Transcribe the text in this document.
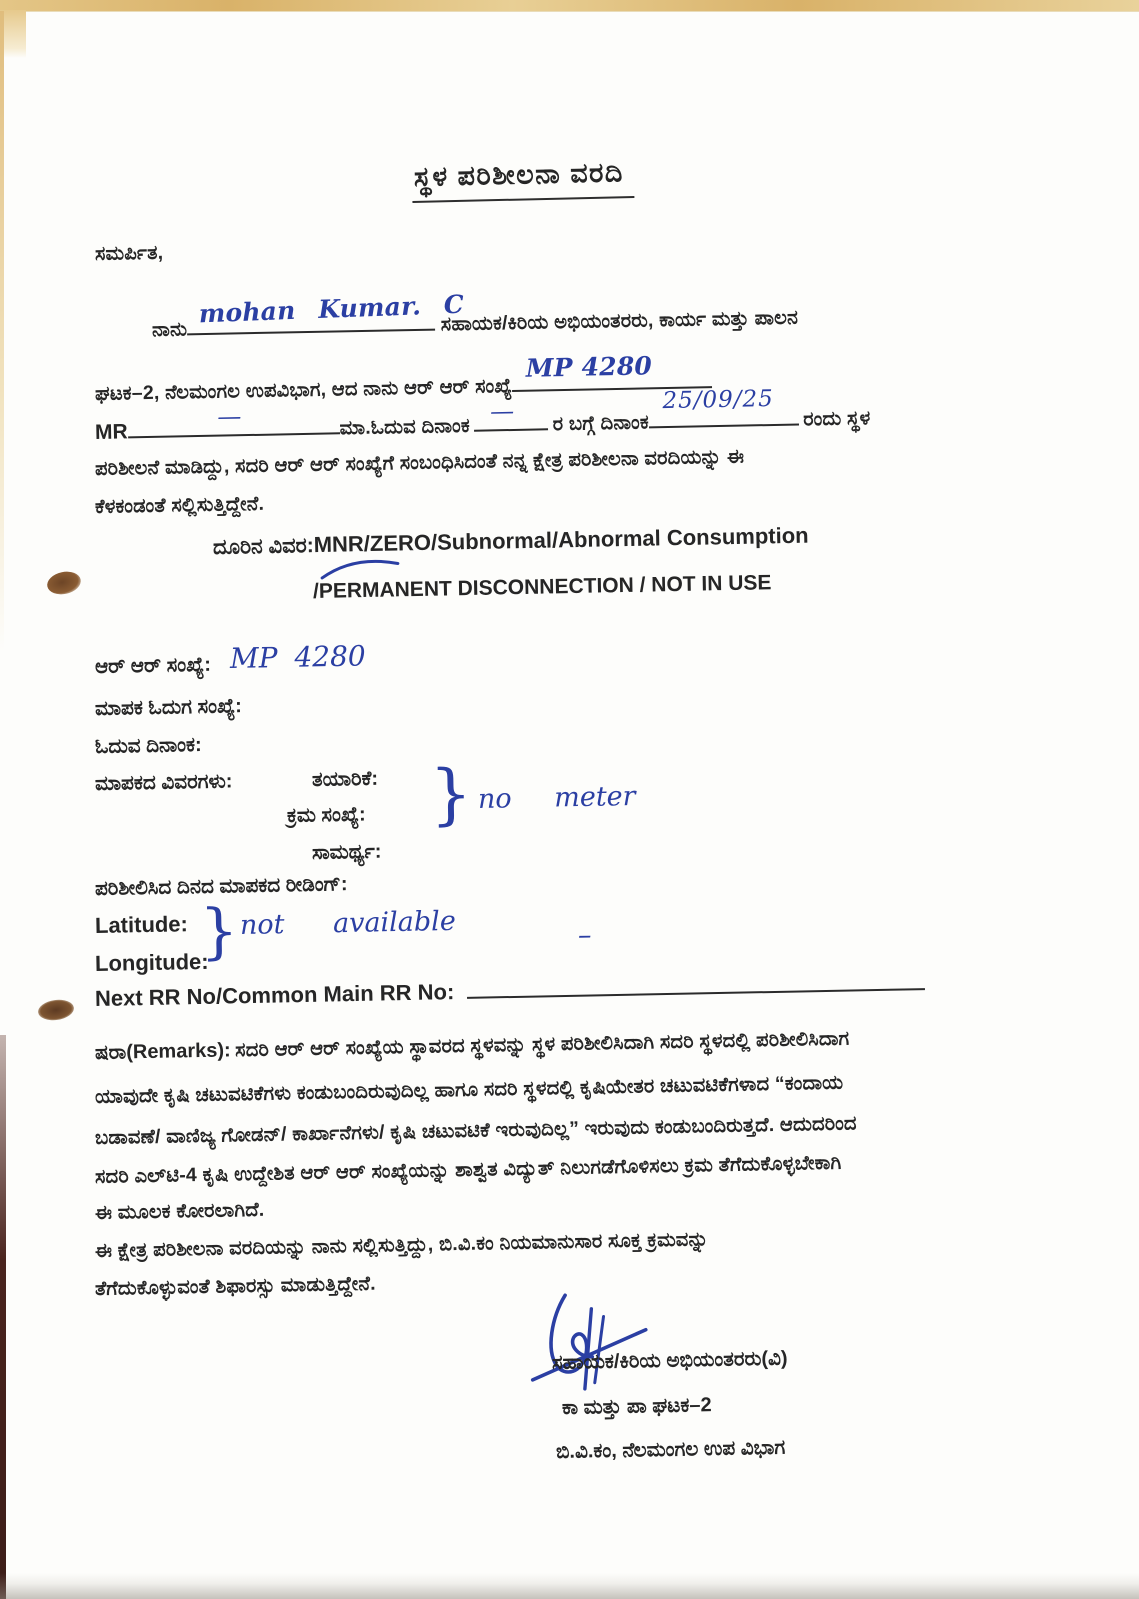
ಸ್ಥಳ ಪರಿಶೀಲನಾ ವರದಿ
ಸಮರ್ಪಿತ,
ನಾನು
mohan Kumar. C
ಸಹಾಯಕ/ಕಿರಿಯ ಅಭಿಯಂತರರು, ಕಾರ್ಯ ಮತ್ತು ಪಾಲನ
ಘಟಕ–2, ನೆಲಮಂಗಲ ಉಪವಿಭಾಗ, ಆದ ನಾನು ಆರ್ ಆರ್ ಸಂಖ್ಯೆ
MP 4280
MR
—	ಮಾ.ಓದುವ ದಿನಾಂಕ
— ರ ಬಗ್ಗೆ ದಿನಾಂಕ
25/09/25
ರಂದು ಸ್ಥಳ
ಪರಿಶೀಲನೆ ಮಾಡಿದ್ದು, ಸದರಿ ಆರ್ ಆರ್ ಸಂಖ್ಯೆಗೆ ಸಂಬಂಧಿಸಿದಂತೆ ನನ್ನ ಕ್ಷೇತ್ರ ಪರಿಶೀಲನಾ ವರದಿಯನ್ನು ಈ
ಕೆಳಕಂಡಂತೆ ಸಲ್ಲಿಸುತ್ತಿದ್ದೇನೆ.
ದೂರಿನ ವಿವರ:MNR/ZERO/Subnormal/Abnormal Consumption
/PERMANENT DISCONNECTION / NOT IN USE
ಆರ್ ಆರ್ ಸಂಖ್ಯೆ: MP 4280
ಮಾಪಕ ಓದುಗ ಸಂಖ್ಯೆ:
ಓದುವ ದಿನಾಂಕ:
ಮಾಪಕದ ವಿವರಗಳು:	ತಯಾರಿಕೆ:
ಕ್ರಮ ಸಂಖ್ಯೆ:
ಸಾಮರ್ಥ್ಯ:
} no meter
ಪರಿಶೀಲಿಸಿದ ದಿನದ ಮಾಪಕದ ರೀಡಿಂಗ್:
Latitude:
Longitude:
} not available	–
Next RR No/Common Main RR No:
ಷರಾ(Remarks): ಸದರಿ ಆರ್ ಆರ್ ಸಂಖ್ಯೆಯ ಸ್ಥಾವರದ ಸ್ಥಳವನ್ನು ಸ್ಥಳ ಪರಿಶೀಲಿಸಿದಾಗಿ ಸದರಿ ಸ್ಥಳದಲ್ಲಿ ಪರಿಶೀಲಿಸಿದಾಗ
ಯಾವುದೇ ಕೃಷಿ ಚಟುವಟಿಕೆಗಳು ಕಂಡುಬಂದಿರುವುದಿಲ್ಲ ಹಾಗೂ ಸದರಿ ಸ್ಥಳದಲ್ಲಿ ಕೃಷಿಯೇತರ ಚಟುವಟಿಕೆಗಳಾದ “ಕಂದಾಯ
ಬಡಾವಣೆ/ ವಾಣಿಜ್ಯ ಗೋಡನ್/ ಕಾರ್ಖಾನೆಗಳು/ ಕೃಷಿ ಚಟುವಟಿಕೆ ಇರುವುದಿಲ್ಲ” ಇರುವುದು ಕಂಡುಬಂದಿರುತ್ತದೆ. ಆದುದರಿಂದ
ಸದರಿ ಎಲ್‌ಟಿ-4 ಕೃಷಿ ಉದ್ದೇಶಿತ ಆರ್ ಆರ್ ಸಂಖ್ಯೆಯನ್ನು ಶಾಶ್ವತ ವಿದ್ಯುತ್ ನಿಲುಗಡೆಗೊಳಿಸಲು ಕ್ರಮ ತೆಗೆದುಕೊಳ್ಳಬೇಕಾಗಿ
ಈ ಮೂಲಕ ಕೋರಲಾಗಿದೆ.
ಈ ಕ್ಷೇತ್ರ ಪರಿಶೀಲನಾ ವರದಿಯನ್ನು ನಾನು ಸಲ್ಲಿಸುತ್ತಿದ್ದು, ಬಿ.ವಿ.ಕಂ ನಿಯಮಾನುಸಾರ ಸೂಕ್ತ ಕ್ರಮವನ್ನು
ತೆಗೆದುಕೊಳ್ಳುವಂತೆ ಶಿಫಾರಸ್ಸು ಮಾಡುತ್ತಿದ್ದೇನೆ.
ಸಹಾಯಕ/ಕಿರಿಯ ಅಭಿಯಂತರರು(ವಿ)
ಕಾ ಮತ್ತು ಪಾ ಘಟಕ–2
ಬಿ.ವಿ.ಕಂ, ನೆಲಮಂಗಲ ಉಪ ವಿಭಾಗ
